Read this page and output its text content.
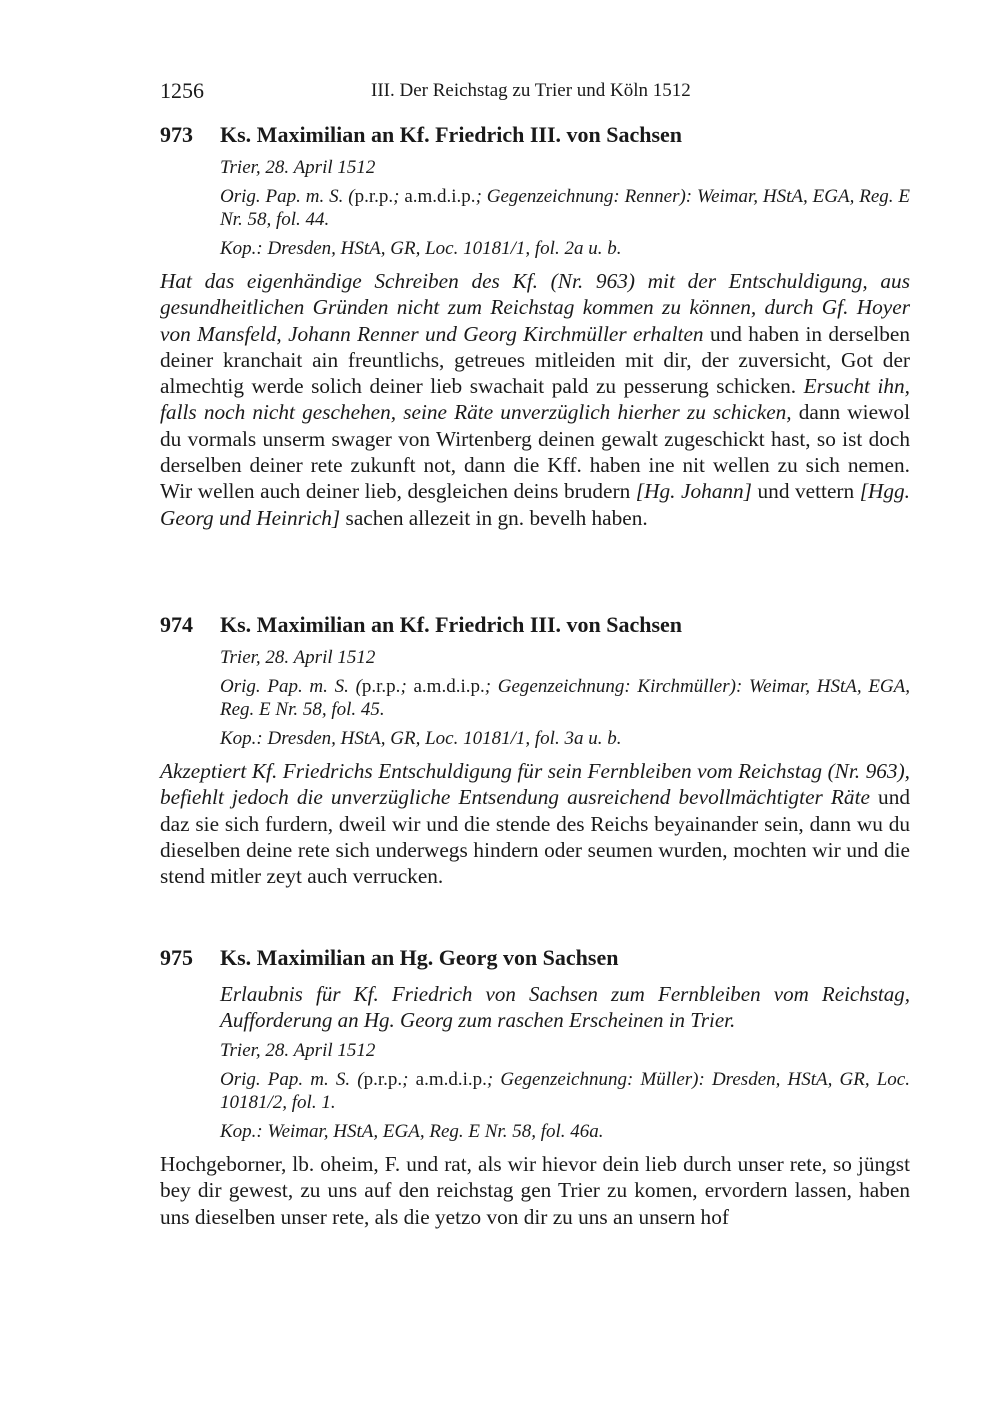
1256	III. Der Reichstag zu Trier und Köln 1512
973 Ks. Maximilian an Kf. Friedrich III. von Sachsen
Trier, 28. April 1512
Orig. Pap. m. S. (p.r.p.; a.m.d.i.p.; Gegenzeichnung: Renner): Weimar, HStA, EGA, Reg. E Nr. 58, fol. 44.
Kop.: Dresden, HStA, GR, Loc. 10181/1, fol. 2a u. b.

Hat das eigenhändige Schreiben des Kf. (Nr. 963) mit der Entschuldigung, aus gesundheitlichen Gründen nicht zum Reichstag kommen zu können, durch Gf. Hoyer von Mansfeld, Johann Renner und Georg Kirchmüller erhalten und haben in derselben deiner kranchait ain freuntlichs, getreues mitleiden mit dir, der zuversicht, Got der almechtig werde solich deiner lieb swachait pald zu pesserung schicken. Ersucht ihn, falls noch nicht geschehen, seine Räte unverzüglich hierher zu schicken, dann wiewol du vormals unserm swager von Wirtenberg deinen gewalt zugeschickt hast, so ist doch derselben deiner rete zukunft not, dann die Kff. haben ine nit wellen zu sich nemen. Wir wellen auch deiner lieb, desgleichen deins brudern [Hg. Johann] und vettern [Hgg. Georg und Heinrich] sachen allezeit in gn. bevelh haben.

974 Ks. Maximilian an Kf. Friedrich III. von Sachsen
Trier, 28. April 1512
Orig. Pap. m. S. (p.r.p.; a.m.d.i.p.; Gegenzeichnung: Kirchmüller): Weimar, HStA, EGA, Reg. E Nr. 58, fol. 45.
Kop.: Dresden, HStA, GR, Loc. 10181/1, fol. 3a u. b.

Akzeptiert Kf. Friedrichs Entschuldigung für sein Fernbleiben vom Reichstag (Nr. 963), befiehlt jedoch die unverzügliche Entsendung ausreichend bevollmächtigter Räte und daz sie sich furdern, dweil wir und die stende des Reichs beyainander sein, dann wu du dieselben deine rete sich underwegs hindern oder seumen wurden, mochten wir und die stend mitler zeyt auch verrucken.

975 Ks. Maximilian an Hg. Georg von Sachsen
Erlaubnis für Kf. Friedrich von Sachsen zum Fernbleiben vom Reichstag, Aufforderung an Hg. Georg zum raschen Erscheinen in Trier.
Trier, 28. April 1512
Orig. Pap. m. S. (p.r.p.; a.m.d.i.p.; Gegenzeichnung: Müller): Dresden, HStA, GR, Loc. 10181/2, fol. 1.
Kop.: Weimar, HStA, EGA, Reg. E Nr. 58, fol. 46a.

Hochgeborner, lb. oheim, F. und rat, als wir hievor dein lieb durch unser rete, so jüngst bey dir gewest, zu uns auf den reichstag gen Trier zu komen, ervordern lassen, haben uns dieselben unser rete, als die yetzo von dir zu uns an unsern hof
